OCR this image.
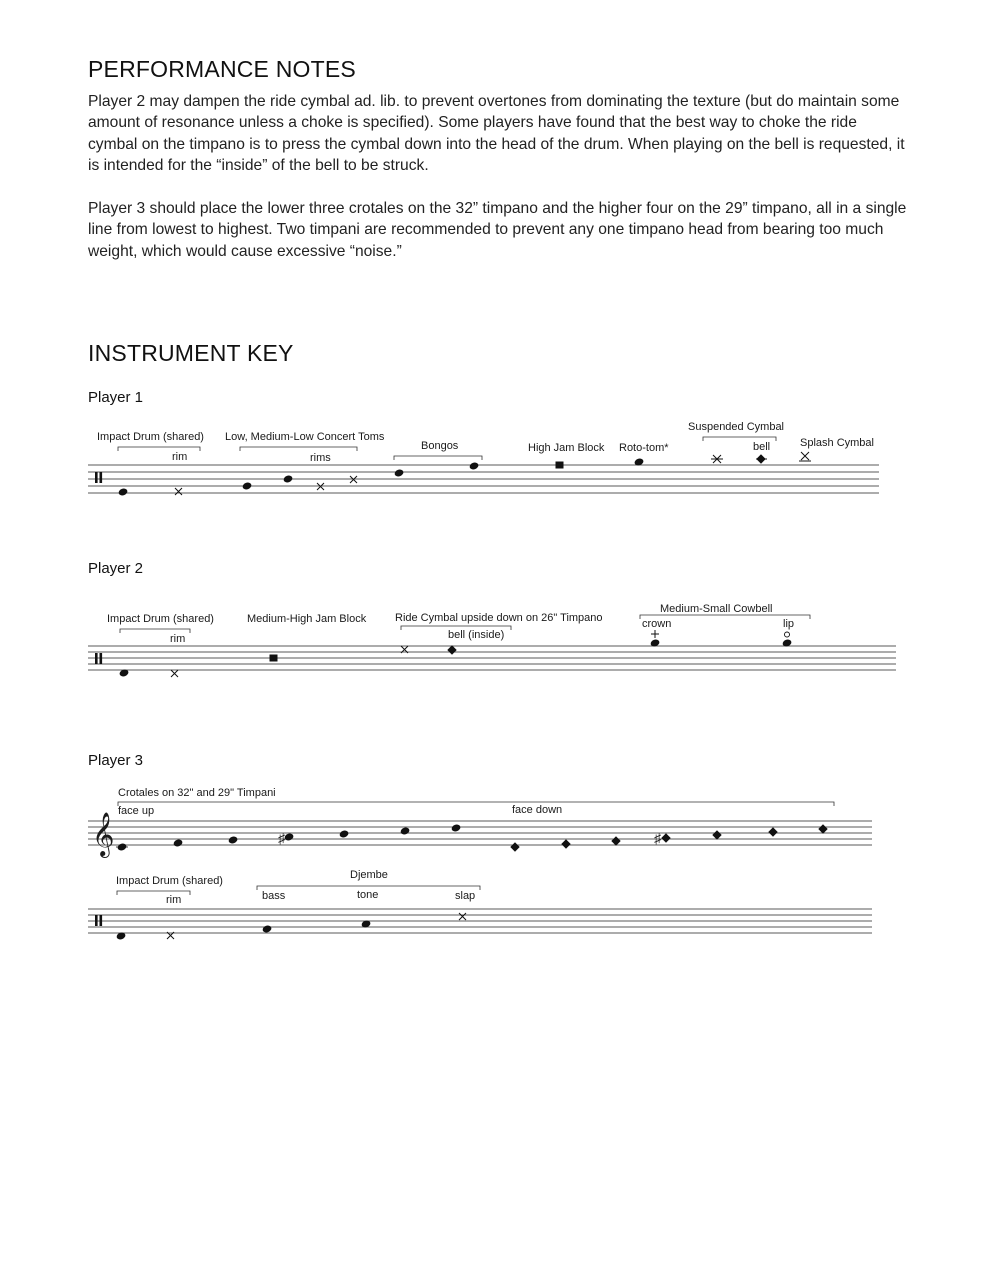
PERFORMANCE NOTES

Player 2 may dampen the ride cymbal ad. lib. to prevent overtones from dominating the texture (but do maintain some amount of resonance unless a choke is specified). Some players have found that the best way to choke the ride cymbal on the timpano is to press the cymbal down into the head of the drum. When playing on the bell is requested, it is intended for the “inside” of the bell to be struck.

Player 3 should place the lower three crotales on the 32” timpano and the higher four on the 29” timpano, all in a single line from lowest to highest. Two timpani are recommended to prevent any one timpano head from bearing too much weight, which would cause excessive “noise.”

INSTRUMENT KEY
Player 1
Player 2
Player 3
Impact Drum (shared)
rim
Low, Medium-Low Concert Toms
rims
Bongos	High Jam Block Roto-tom*
Suspended Cymbal
bell	Splash Cymbal
Impact Drum (shared)
rim
Medium-High Jam Block	Ride Cymbal upside down on 26" Timpano
bell (inside)
Medium-Small Cowbell
crown	lip
𝄞
Crotales on 32" and 29" Timpani
face up	face down
♯	♯
Impact Drum (shared)
rim
Djembe
bass	tone	slap
